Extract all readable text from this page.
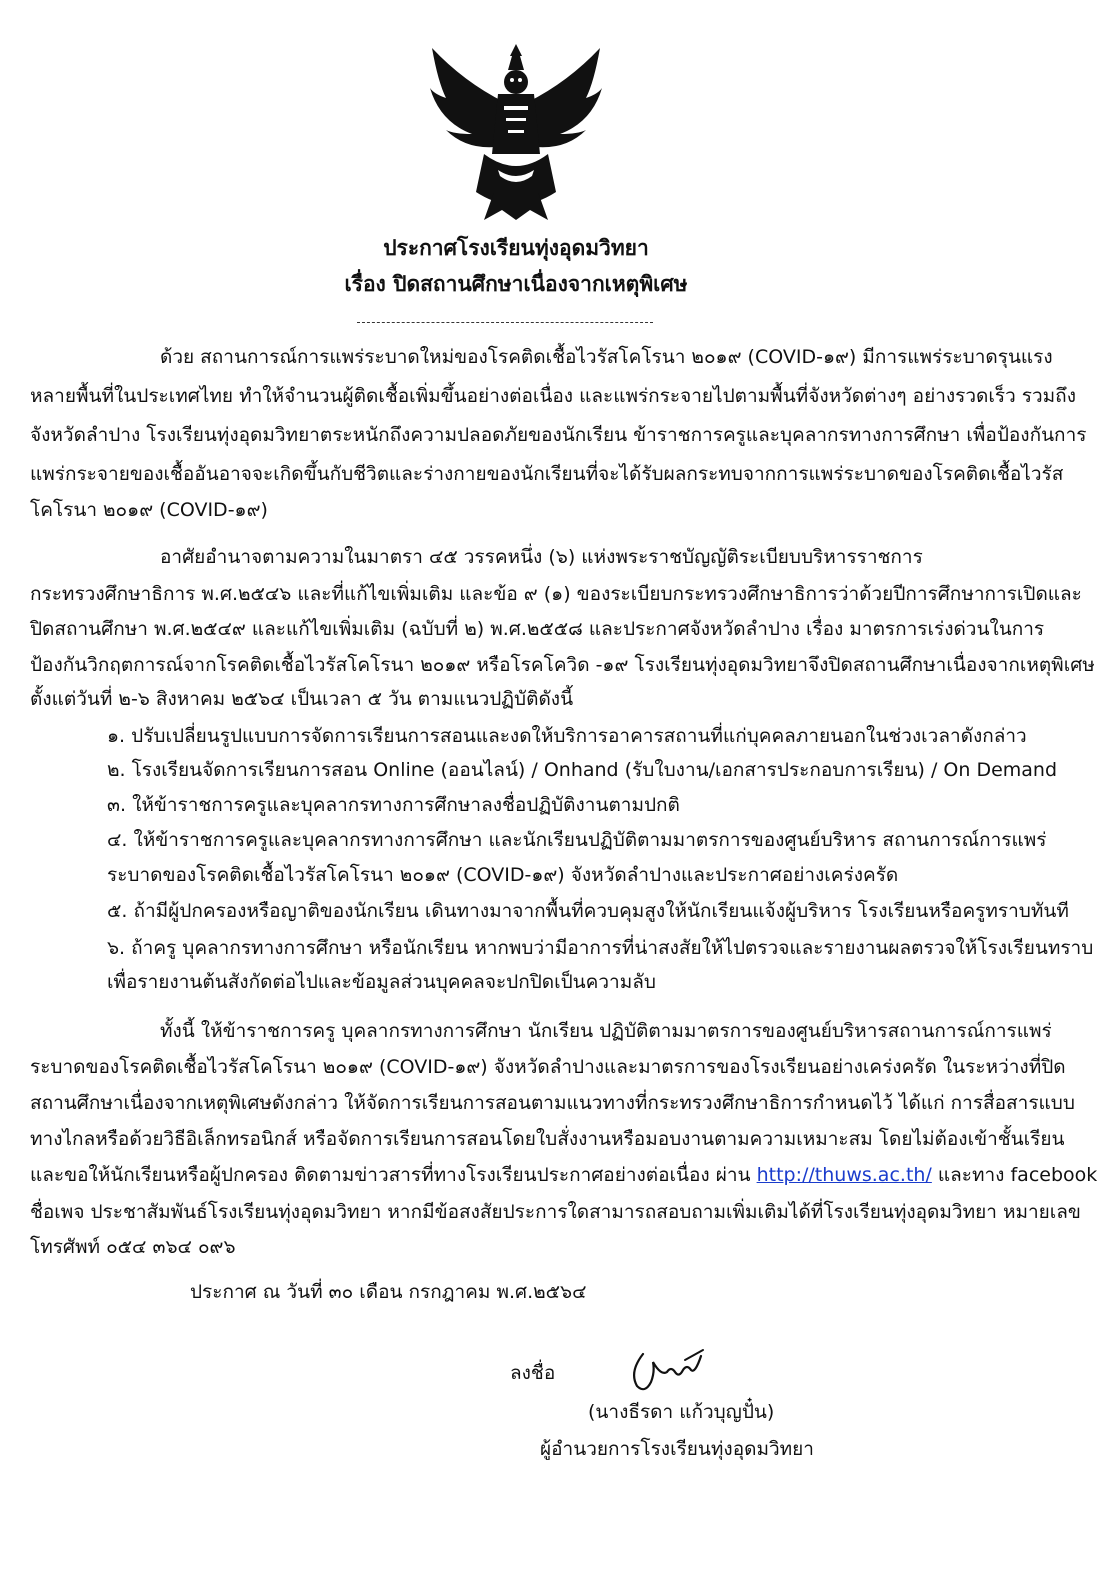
ประกาศโรงเรียนทุ่งอุดมวิทยา
เรื่อง ปิดสถานศึกษาเนื่องจากเหตุพิเศษ
ด้วย สถานการณ์การแพร่ระบาดใหม่ของโรคติดเชื้อไวรัสโคโรนา ๒๐๑๙ (COVID-๑๙) มีการแพร่ระบาดรุนแรง
หลายพื้นที่ในประเทศไทย ทำให้จำนวนผู้ติดเชื้อเพิ่มขึ้นอย่างต่อเนื่อง และแพร่กระจายไปตามพื้นที่จังหวัดต่างๆ อย่างรวดเร็ว รวมถึง
จังหวัดลำปาง โรงเรียนทุ่งอุดมวิทยาตระหนักถึงความปลอดภัยของนักเรียน ข้าราชการครูและบุคลากรทางการศึกษา เพื่อป้องกันการ
แพร่กระจายของเชื้ออันอาจจะเกิดขึ้นกับชีวิตและร่างกายของนักเรียนที่จะได้รับผลกระทบจากการแพร่ระบาดของโรคติดเชื้อไวรัส
โคโรนา ๒๐๑๙ (COVID-๑๙)
อาศัยอำนาจตามความในมาตรา ๔๕ วรรคหนึ่ง (๖) แห่งพระราชบัญญัติระเบียบบริหารราชการ
กระทรวงศึกษาธิการ พ.ศ.๒๕๔๖ และที่แก้ไขเพิ่มเติม และข้อ ๙ (๑) ของระเบียบกระทรวงศึกษาธิการว่าด้วยปีการศึกษาการเปิดและ
ปิดสถานศึกษา พ.ศ.๒๕๔๙ และแก้ไขเพิ่มเติม (ฉบับที่ ๒) พ.ศ.๒๕๕๘ และประกาศจังหวัดลำปาง เรื่อง มาตรการเร่งด่วนในการ
ป้องกันวิกฤตการณ์จากโรคติดเชื้อไวรัสโคโรนา ๒๐๑๙ หรือโรคโควิด -๑๙ โรงเรียนทุ่งอุดมวิทยาจึงปิดสถานศึกษาเนื่องจากเหตุพิเศษ
ตั้งแต่วันที่ ๒-๖ สิงหาคม ๒๕๖๔ เป็นเวลา ๕ วัน ตามแนวปฏิบัติดังนี้
๑. ปรับเปลี่ยนรูปแบบการจัดการเรียนการสอนและงดให้บริการอาคารสถานที่แก่บุคคลภายนอกในช่วงเวลาดังกล่าว
๒. โรงเรียนจัดการเรียนการสอน Online (ออนไลน์) / Onhand (รับใบงาน/เอกสารประกอบการเรียน) / On Demand
๓. ให้ข้าราชการครูและบุคลากรทางการศึกษาลงชื่อปฏิบัติงานตามปกติ
๔. ให้ข้าราชการครูและบุคลากรทางการศึกษา และนักเรียนปฏิบัติตามมาตรการของศูนย์บริหาร สถานการณ์การแพร่
ระบาดของโรคติดเชื้อไวรัสโคโรนา ๒๐๑๙ (COVID-๑๙) จังหวัดลำปางและประกาศอย่างเคร่งครัด
๕. ถ้ามีผู้ปกครองหรือญาติของนักเรียน เดินทางมาจากพื้นที่ควบคุมสูงให้นักเรียนแจ้งผู้บริหาร โรงเรียนหรือครูทราบทันที
๖. ถ้าครู บุคลากรทางการศึกษา หรือนักเรียน หากพบว่ามีอาการที่น่าสงสัยให้ไปตรวจและรายงานผลตรวจให้โรงเรียนทราบ
เพื่อรายงานต้นสังกัดต่อไปและข้อมูลส่วนบุคคลจะปกปิดเป็นความลับ
ทั้งนี้ ให้ข้าราชการครู บุคลากรทางการศึกษา นักเรียน ปฏิบัติตามมาตรการของศูนย์บริหารสถานการณ์การแพร่
ระบาดของโรคติดเชื้อไวรัสโคโรนา ๒๐๑๙ (COVID-๑๙) จังหวัดลำปางและมาตรการของโรงเรียนอย่างเคร่งครัด ในระหว่างที่ปิด
สถานศึกษาเนื่องจากเหตุพิเศษดังกล่าว ให้จัดการเรียนการสอนตามแนวทางที่กระทรวงศึกษาธิการกำหนดไว้ ได้แก่ การสื่อสารแบบ
ทางไกลหรือด้วยวิธีอิเล็กทรอนิกส์ หรือจัดการเรียนการสอนโดยใบสั่งงานหรือมอบงานตามความเหมาะสม โดยไม่ต้องเข้าชั้นเรียน
และขอให้นักเรียนหรือผู้ปกครอง ติดตามข่าวสารที่ทางโรงเรียนประกาศอย่างต่อเนื่อง ผ่าน http://thuws.ac.th/ และทาง facebook
ชื่อเพจ ประชาสัมพันธ์โรงเรียนทุ่งอุดมวิทยา หากมีข้อสงสัยประการใดสามารถสอบถามเพิ่มเติมได้ที่โรงเรียนทุ่งอุดมวิทยา หมายเลข
โทรศัพท์ ๐๕๔ ๓๖๔ ๐๙๖
ประกาศ ณ วันที่ ๓๐ เดือน กรกฎาคม พ.ศ.๒๕๖๔
ลงชื่อ
(นางธีรดา แก้วบุญปั๋น)
ผู้อำนวยการโรงเรียนทุ่งอุดมวิทยา
